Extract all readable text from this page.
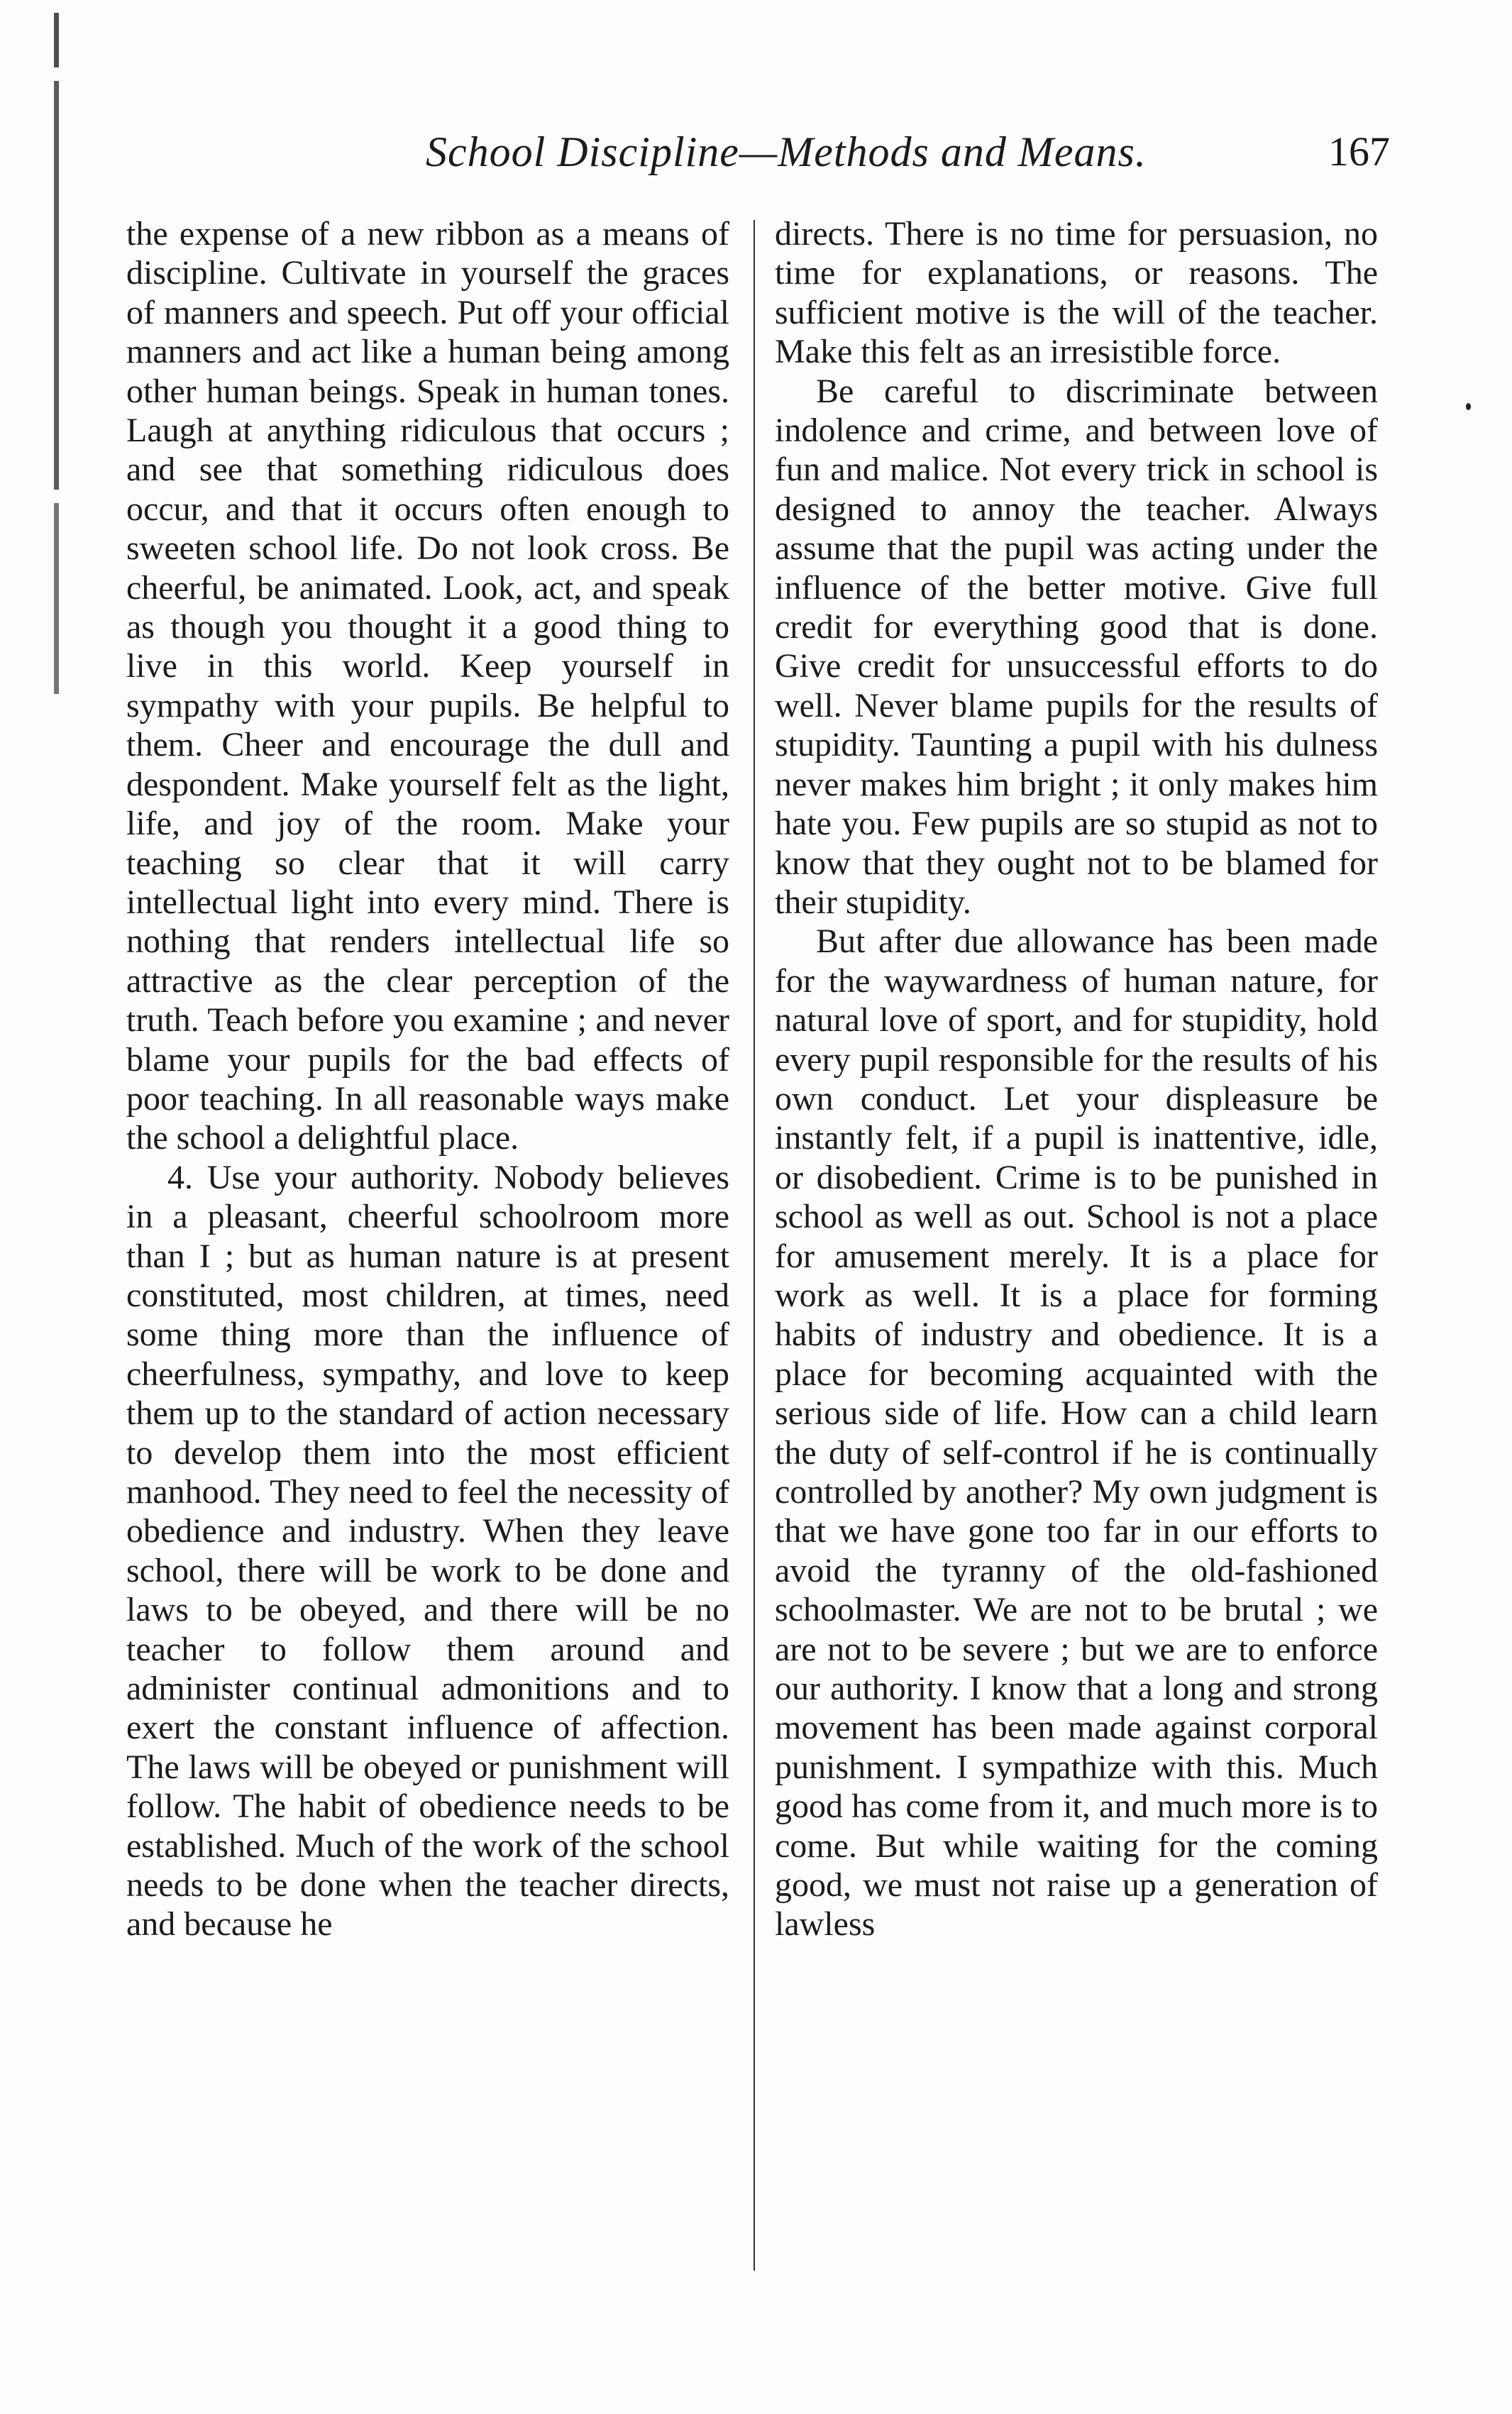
School Discipline—Methods and Means.	167

the expense of a new ribbon as a means of discipline. Cultivate in yourself the graces of manners and speech. Put off your official manners and act like a human being among other human beings. Speak in human tones. Laugh at anything ridiculous that occurs ; and see that something ridiculous does occur, and that it occurs often enough to sweeten school life. Do not look cross. Be cheerful, be animated. Look, act, and speak as though you thought it a good thing to live in this world. Keep yourself in sympathy with your pupils. Be helpful to them. Cheer and encourage the dull and despondent. Make yourself felt as the light, life, and joy of the room. Make your teaching so clear that it will carry intellectual light into every mind. There is nothing that renders intellectual life so attractive as the clear perception of the truth. Teach before you examine ; and never blame your pupils for the bad effects of poor teaching. In all reasonable ways make the school a delightful place.

4. Use your authority. Nobody believes in a pleasant, cheerful schoolroom more than I ; but as human nature is at present constituted, most children, at times, need some thing more than the influence of cheerfulness, sympathy, and love to keep them up to the standard of action necessary to develop them into the most efficient manhood. They need to feel the necessity of obedience and industry. When they leave school, there will be work to be done and laws to be obeyed, and there will be no teacher to follow them around and administer continual admonitions and to exert the constant influence of affection. The laws will be obeyed or punishment will follow. The habit of obedience needs to be established. Much of the work of the school needs to be done when the teacher directs, and because he

directs. There is no time for persuasion, no time for explanations, or reasons. The sufficient motive is the will of the teacher. Make this felt as an irresistible force.

Be careful to discriminate between indolence and crime, and between love of fun and malice. Not every trick in school is designed to annoy the teacher. Always assume that the pupil was acting under the influence of the better motive. Give full credit for everything good that is done. Give credit for unsuccessful efforts to do well. Never blame pupils for the results of stupidity. Taunting a pupil with his dulness never makes him bright ; it only makes him hate you. Few pupils are so stupid as not to know that they ought not to be blamed for their stupidity.

But after due allowance has been made for the waywardness of human nature, for natural love of sport, and for stupidity, hold every pupil responsible for the results of his own conduct. Let your displeasure be instantly felt, if a pupil is inattentive, idle, or disobedient. Crime is to be punished in school as well as out. School is not a place for amusement merely. It is a place for work as well. It is a place for forming habits of industry and obedience. It is a place for becoming acquainted with the serious side of life. How can a child learn the duty of self-control if he is continually controlled by another? My own judgment is that we have gone too far in our efforts to avoid the tyranny of the old-fashioned schoolmaster. We are not to be brutal ; we are not to be severe ; but we are to enforce our authority. I know that a long and strong movement has been made against corporal punishment. I sympathize with this. Much good has come from it, and much more is to come. But while waiting for the coming good, we must not raise up a generation of lawless
